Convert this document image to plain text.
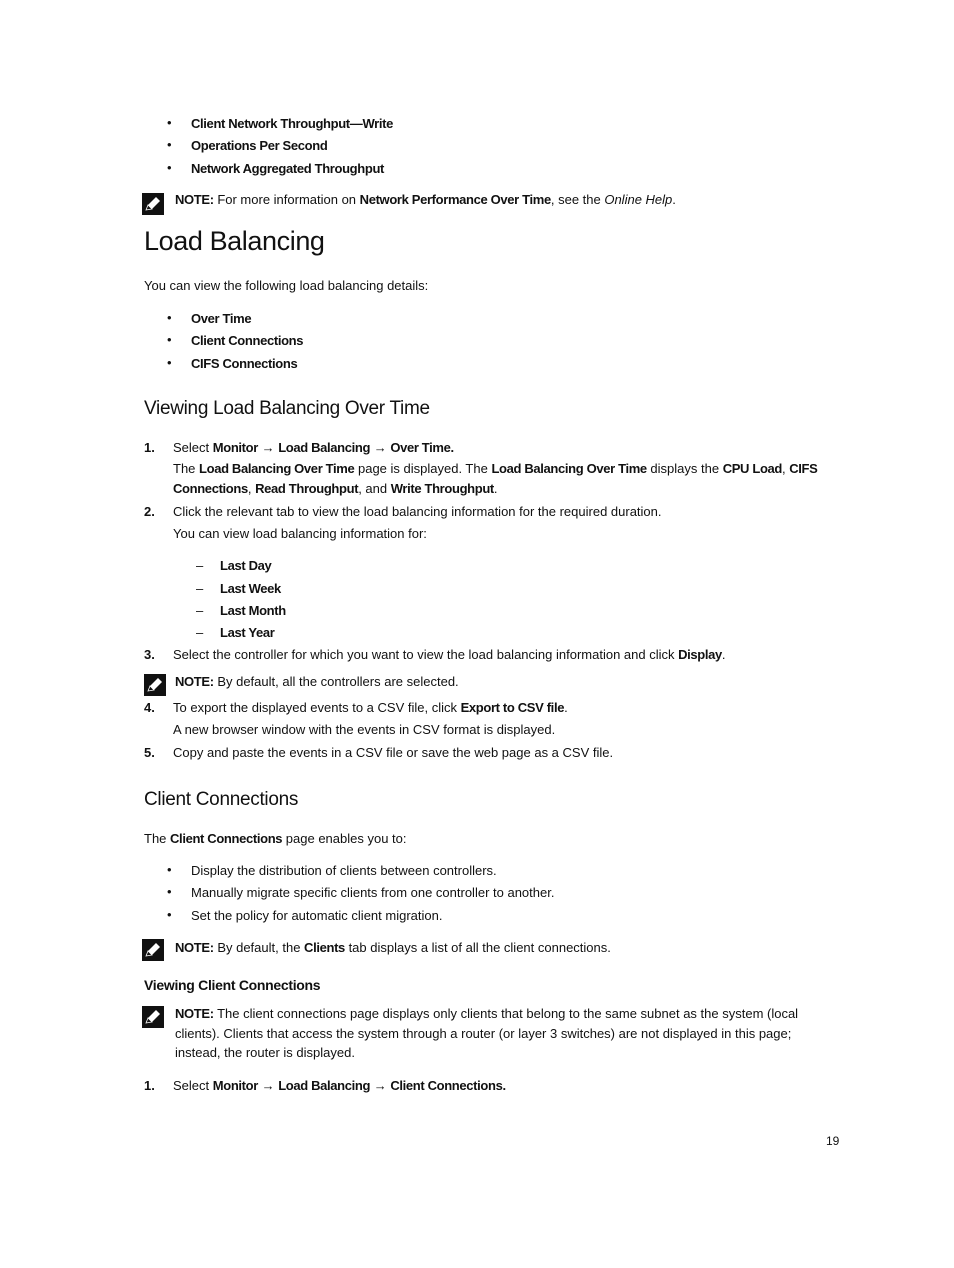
• Client Network Throughput—Write
• Operations Per Second
• Network Aggregated Throughput
NOTE: For more information on Network Performance Over Time, see the Online Help.
Load Balancing
You can view the following load balancing details:
• Over Time
• Client Connections
• CIFS Connections
Viewing Load Balancing Over Time
1. Select Monitor → Load Balancing → Over Time.
The Load Balancing Over Time page is displayed. The Load Balancing Over Time displays the CPU Load, CIFS
Connections, Read Throughput, and Write Throughput.
2. Click the relevant tab to view the load balancing information for the required duration.
You can view load balancing information for:
– Last Day
– Last Week
– Last Month
– Last Year
3. Select the controller for which you want to view the load balancing information and click Display.
NOTE: By default, all the controllers are selected.
4. To export the displayed events to a CSV file, click Export to CSV file.
A new browser window with the events in CSV format is displayed.
5. Copy and paste the events in a CSV file or save the web page as a CSV file.
Client Connections
The Client Connections page enables you to:
• Display the distribution of clients between controllers.
• Manually migrate specific clients from one controller to another.
• Set the policy for automatic client migration.
NOTE: By default, the Clients tab displays a list of all the client connections.
Viewing Client Connections
NOTE: The client connections page displays only clients that belong to the same subnet as the system (local
clients). Clients that access the system through a router (or layer 3 switches) are not displayed in this page;
instead, the router is displayed.
1. Select Monitor → Load Balancing → Client Connections.
19
